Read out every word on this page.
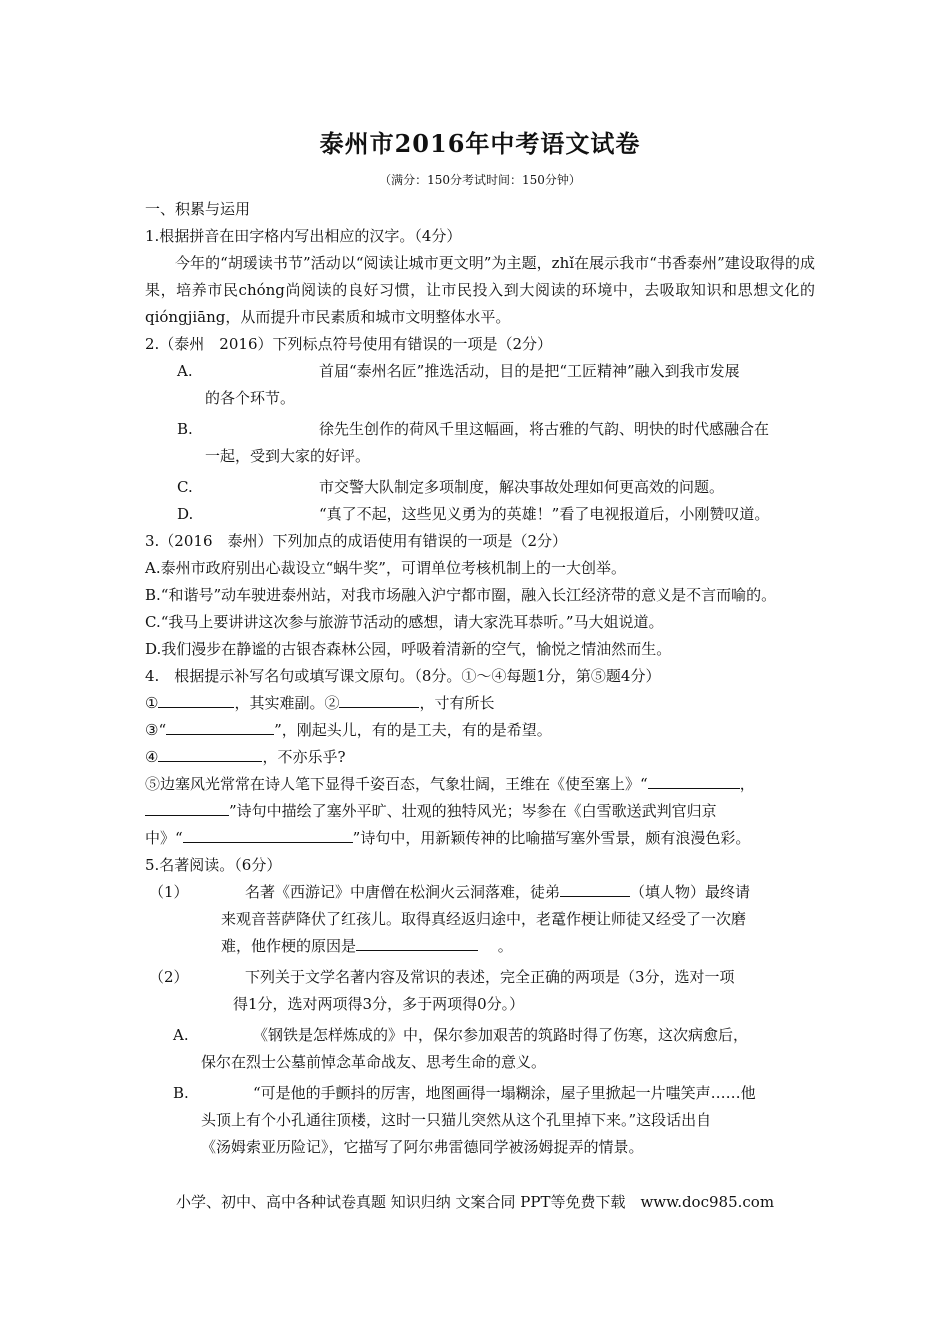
泰州市2016年中考语文试卷

（满分：150分考试时间：150分钟）

一、积累与运用

1.根据拼音在田字格内写出相应的汉字。（4分）

今年的“胡瑗读书节”活动以“阅读让城市更文明”为主题，zhǐ在展示我市“书香泰州”建设取得的成果，培养市民chóng尚阅读的良好习惯，让市民投入到大阅读的环境中，去吸取知识和思想文化的qióngjiāng，从而提升市民素质和城市文明整体水平。

2.（泰州　2016）下列标点符号使用有错误的一项是（2分）

A.	首届“泰州名匠”推选活动，目的是把“工匠精神”融入到我市发展
的各个环节。
B.	徐先生创作的荷风千里这幅画，将古雅的气韵、明快的时代感融合在
一起，受到大家的好评。
C.	市交警大队制定多项制度，解决事故处理如何更高效的问题。
D.	“真了不起，这些见义勇为的英雄！”看了电视报道后，小刚赞叹道。

3.（2016　泰州）下列加点的成语使用有错误的一项是（2分）

A.泰州市政府别出心裁设立“蜗牛奖”，可谓单位考核机制上的一大创举。

B.“和谐号”动车驶进泰州站，对我市场融入沪宁都市圈，融入长江经济带的意义是不言而喻的。

C.“我马上要讲讲这次参与旅游节活动的感想，请大家洗耳恭听。”马大姐说道。

D.我们漫步在静谧的古银杏森林公园，呼吸着清新的空气，愉悦之情油然而生。

4.　根据提示补写名句或填写课文原句。（8分。①～④每题1分，第⑤题4分）

①	，其实难副。②	，寸有所长

③“	”，刚起头儿，有的是工夫，有的是希望。

④	，不亦乐乎?

⑤边塞风光常常在诗人笔下显得千姿百态，气象壮阔，王维在《使至塞上》“	，

”诗句中描绘了塞外平旷、壮观的独特风光；岑参在《白雪歌送武判官归京

中》“	”诗句中，用新颖传神的比喻描写塞外雪景，颇有浪漫色彩。

5.名著阅读。（6分）

（1）	名著《西游记》中唐僧在松涧火云洞落难，徒弟	（填人物）最终请
来观音菩萨降伏了红孩儿。取得真经返归途中，老鼋作梗让师徒又经受了一次磨
难，他作梗的原因是　	。
（2）	下列关于文学名著内容及常识的表述，完全正确的两项是（3分，选对一项
得1分，选对两项得3分，多于两项得0分。）
A.	《钢铁是怎样炼成的》中，保尔参加艰苦的筑路时得了伤寒，这次病愈后，
保尔在烈士公墓前悼念革命战友、思考生命的意义。
B.	“可是他的手颤抖的厉害，地图画得一塌糊涂，屋子里掀起一片嗤笑声……他
头顶上有个小孔通往顶楼，这时一只猫儿突然从这个孔里掉下来。”这段话出自
《汤姆索亚历险记》，它描写了阿尔弗雷德同学被汤姆捉弄的情景。
小学、初中、高中各种试卷真题 知识归纳 文案合同 PPT等免费下载　www.doc985.com
